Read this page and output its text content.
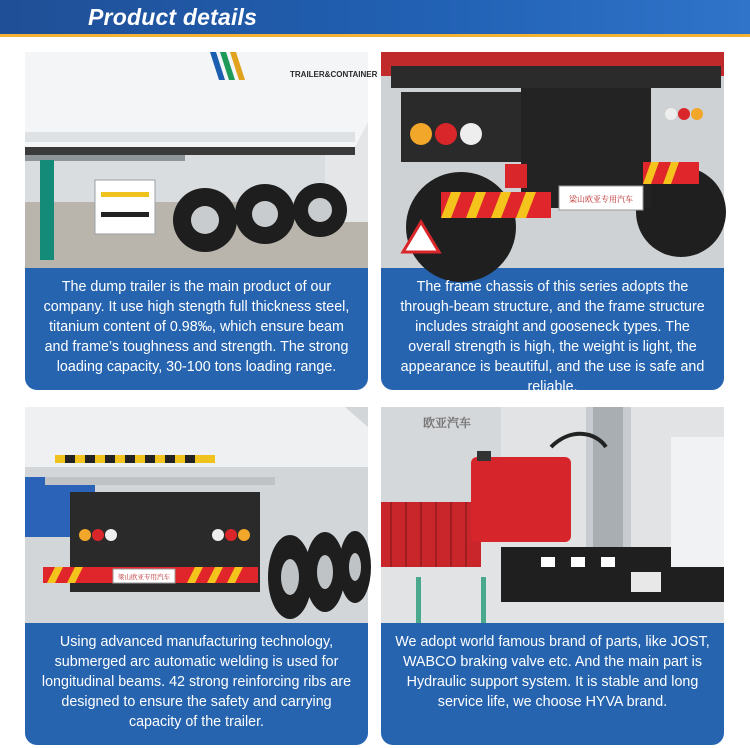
Product details
TRAILER&CONTAINER
The dump trailer is the main product of our company. It use high stength full thickness steel, titanium content of 0.98‰, which ensure beam and frame’s toughness and strength. The strong loading capacity, 30-100 tons loading range.
梁山欧亚专用汽车
The frame chassis of this series adopts the through-beam structure, and the frame structure includes straight and gooseneck types. The overall strength is high, the weight is light, the appearance is beautiful, and the use is safe and reliable.
梁山欧亚专用汽车
Using advanced manufacturing technology, submerged arc automatic welding is used for longitudinal beams. 42 strong reinforcing ribs are designed to ensure the safety and carrying capacity of the trailer.
欧亚汽车
We adopt world famous brand of parts, like JOST, WABCO braking valve etc. And the main part is Hydraulic support system. It is stable and long service life, we choose HYVA brand.
